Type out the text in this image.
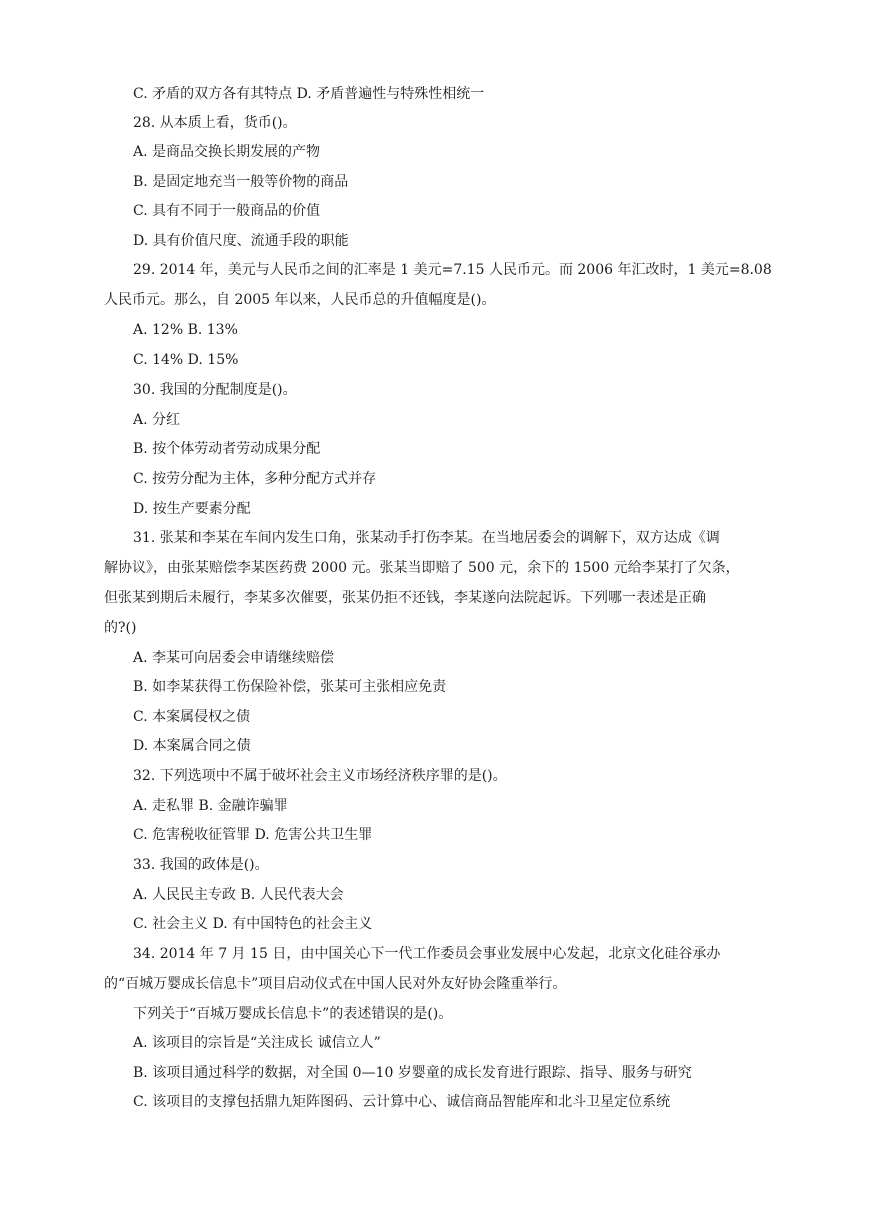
C. 矛盾的双方各有其特点 D. 矛盾普遍性与特殊性相统一
28. 从本质上看，货币()。
A. 是商品交换长期发展的产物
B. 是固定地充当一般等价物的商品
C. 具有不同于一般商品的价值
D. 具有价值尺度、流通手段的职能
29. 2014 年，美元与人民币之间的汇率是 1 美元=7.15 人民币元。而 2006 年汇改时，1 美元=8.08
人民币元。那么，自 2005 年以来，人民币总的升值幅度是()。
A. 12% B. 13%
C. 14% D. 15%
30. 我国的分配制度是()。
A. 分红
B. 按个体劳动者劳动成果分配
C. 按劳分配为主体，多种分配方式并存
D. 按生产要素分配
31. 张某和李某在车间内发生口角，张某动手打伤李某。在当地居委会的调解下，双方达成《调
解协议》，由张某赔偿李某医药费 2000 元。张某当即赔了 500 元，余下的 1500 元给李某打了欠条，
但张某到期后未履行，李某多次催要，张某仍拒不还钱，李某遂向法院起诉。下列哪一表述是正确
的?()
A. 李某可向居委会申请继续赔偿
B. 如李某获得工伤保险补偿，张某可主张相应免责
C. 本案属侵权之债
D. 本案属合同之债
32. 下列选项中不属于破坏社会主义市场经济秩序罪的是()。
A. 走私罪 B. 金融诈骗罪
C. 危害税收征管罪 D. 危害公共卫生罪
33. 我国的政体是()。
A. 人民民主专政 B. 人民代表大会
C. 社会主义 D. 有中国特色的社会主义
34. 2014 年 7 月 15 日，由中国关心下一代工作委员会事业发展中心发起，北京文化硅谷承办
的“百城万婴成长信息卡”项目启动仪式在中国人民对外友好协会隆重举行。
下列关于“百城万婴成长信息卡”的表述错误的是()。
A. 该项目的宗旨是“关注成长 诚信立人”
B. 该项目通过科学的数据，对全国 0—10 岁婴童的成长发育进行跟踪、指导、服务与研究
C. 该项目的支撑包括鼎九矩阵图码、云计算中心、诚信商品智能库和北斗卫星定位系统
